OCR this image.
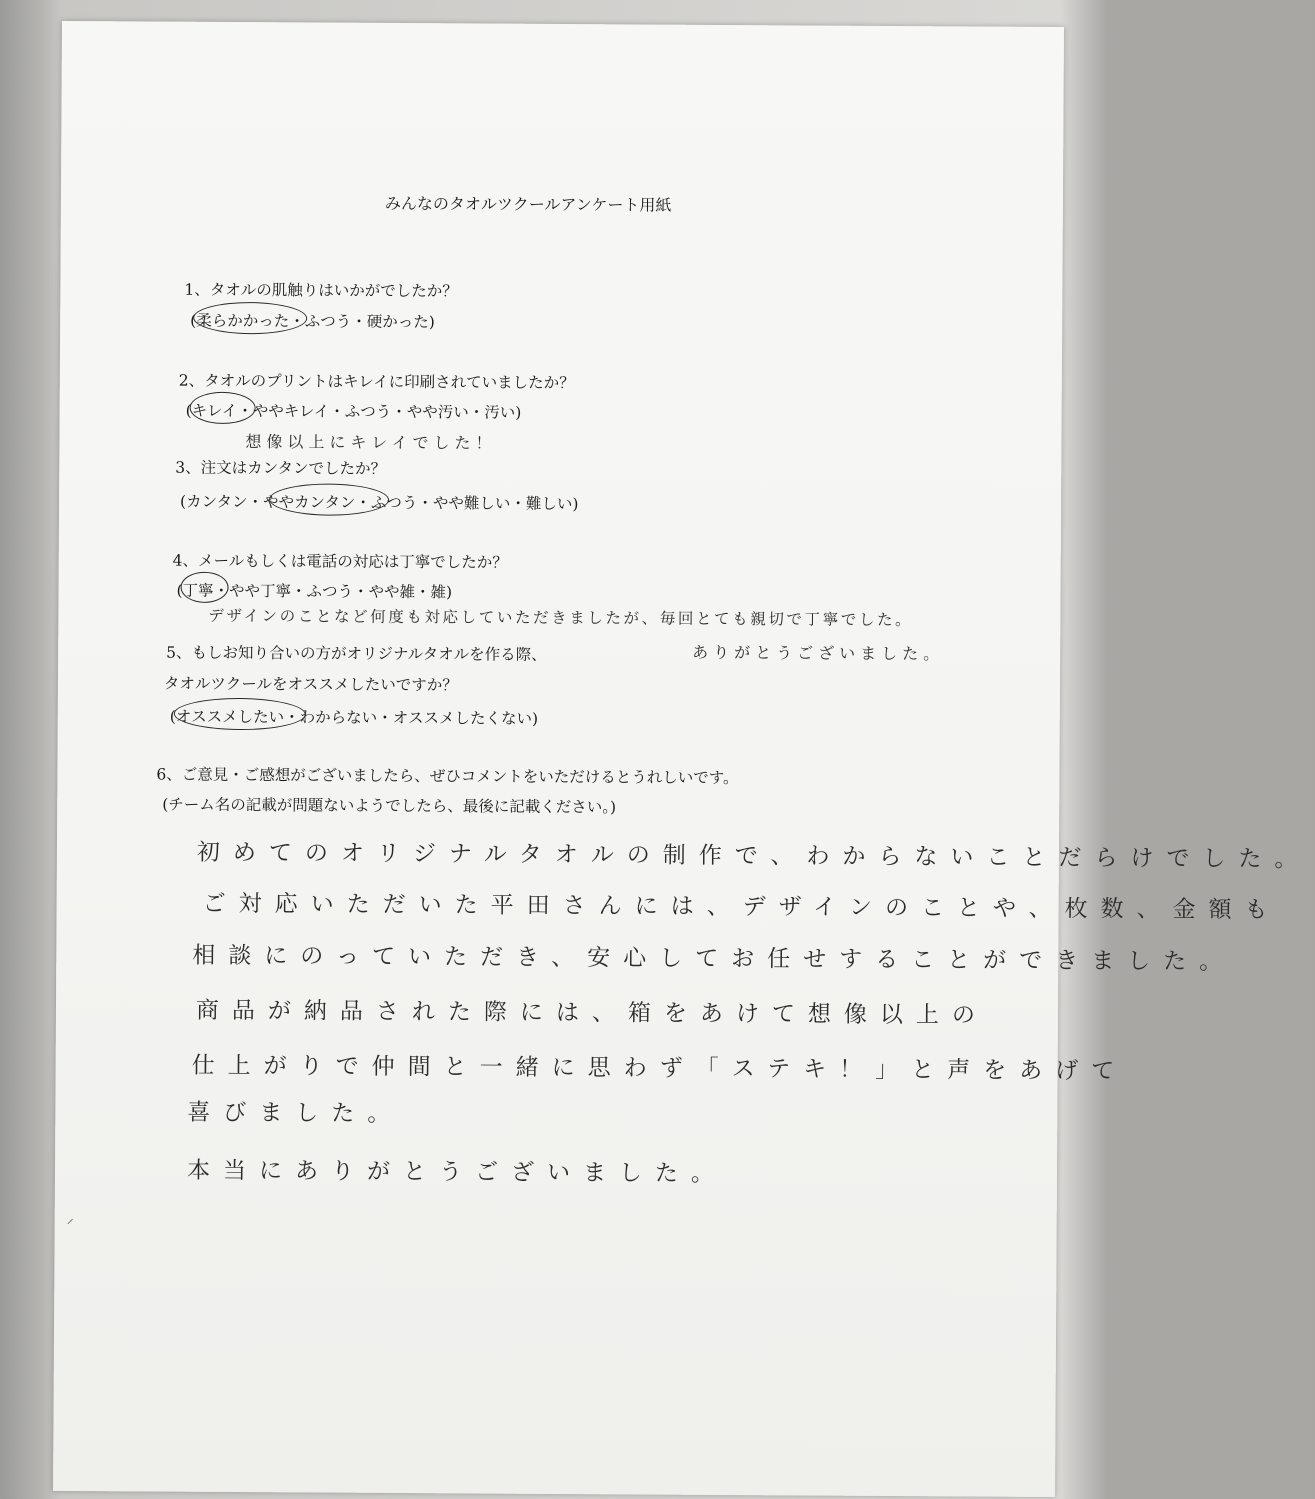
みんなのタオルツクールアンケート用紙
1、タオルの肌触りはいかがでしたか？
(柔らかかった・ふつう・硬かった)
2、タオルのプリントはキレイに印刷されていましたか？
(キレイ・ややキレイ・ふつう・やや汚い・汚い)
想像以上にキレイでした！
3、注文はカンタンでしたか？
(カンタン・ややカンタン・ふつう・やや難しい・難しい)
4、メールもしくは電話の対応は丁寧でしたか？
(丁寧・やや丁寧・ふつう・やや雑・雑)
デザインのことなど何度も対応していただきましたが、毎回とても親切で丁寧でした。
ありがとうございました。
5、もしお知り合いの方がオリジナルタオルを作る際、
タオルツクールをオススメしたいですか？
(オススメしたい・わからない・オススメしたくない)
6、ご意見・ご感想がございましたら、ぜひコメントをいただけるとうれしいです。
(チーム名の記載が問題ないようでしたら、最後に記載ください。)
初めてのオリジナルタオルの制作で、わからないことだらけでした。
ご対応いただいた平田さんには、デザインのことや、枚数、金額も
相談にのっていただき、安心してお任せすることができました。
商品が納品された際には、箱をあけて想像以上の
仕上がりで仲間と一緒に思わず「ステキ！」と声をあげて
喜びました。
本当にありがとうございました。
⸝
